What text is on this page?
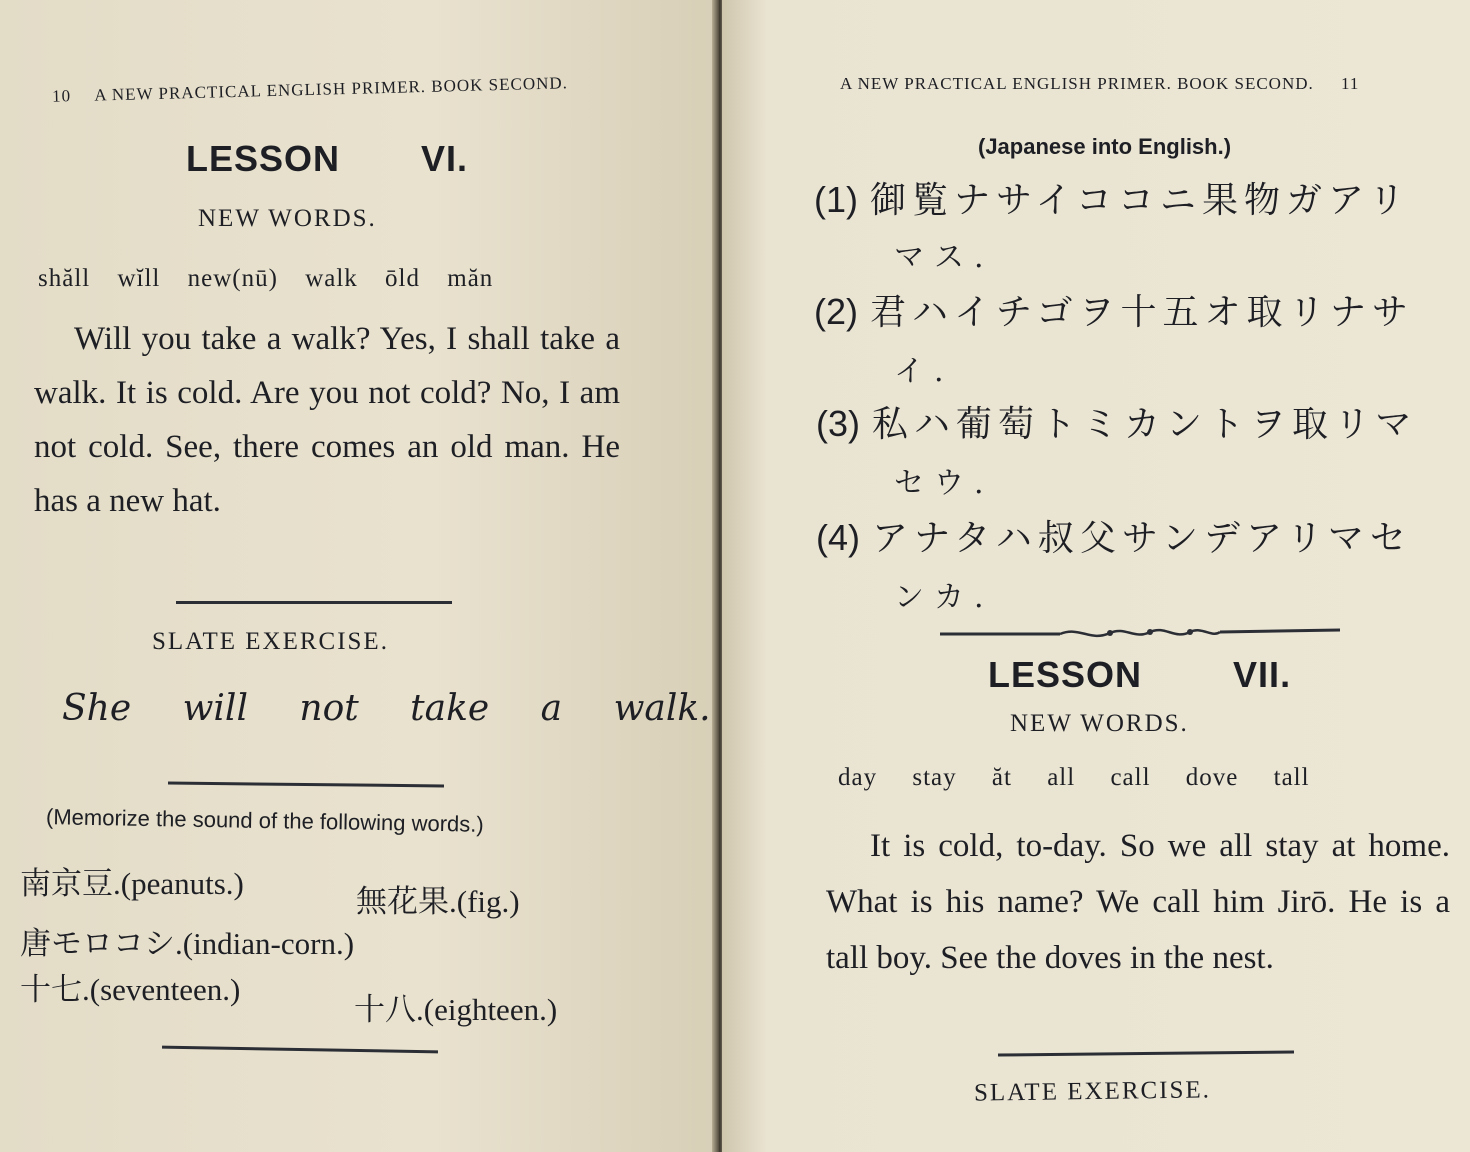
10 A NEW PRACTICAL ENGLISH PRIMER. BOOK SECOND.
LESSON VI.
NEW WORDS.
shăll wĭll new(nū) walk ōld măn
Will you take a walk? Yes, I shall take a walk. It is cold. Are you not cold? No, I am not cold. See, there comes an old man. He has a new hat.
SLATE EXERCISE.
She will not take a walk.
(Memorize the sound of the following words.)
南京豆.(peanuts.)
無花果.(fig.)
唐モロコシ.(indian-corn.)
十七.(seventeen.)
十八.(eighteen.)
A NEW PRACTICAL ENGLISH PRIMER. BOOK SECOND. 11
(Japanese into English.)
(1) 御覧ナサイココニ果物ガアリ
マス.
(2) 君ハイチゴヲ十五オ取リナサ
イ.
(3) 私ハ葡萄トミカントヲ取リマ
セウ.
(4) アナタハ叔父サンデアリマセ
ンカ.
LESSON	VII.
NEW WORDS.
day stay ăt all call dove tall
It is cold, to-day. So we all stay at home. What is his name? We call him Jirō. He is a tall boy. See the doves in the nest.
SLATE EXERCISE.
